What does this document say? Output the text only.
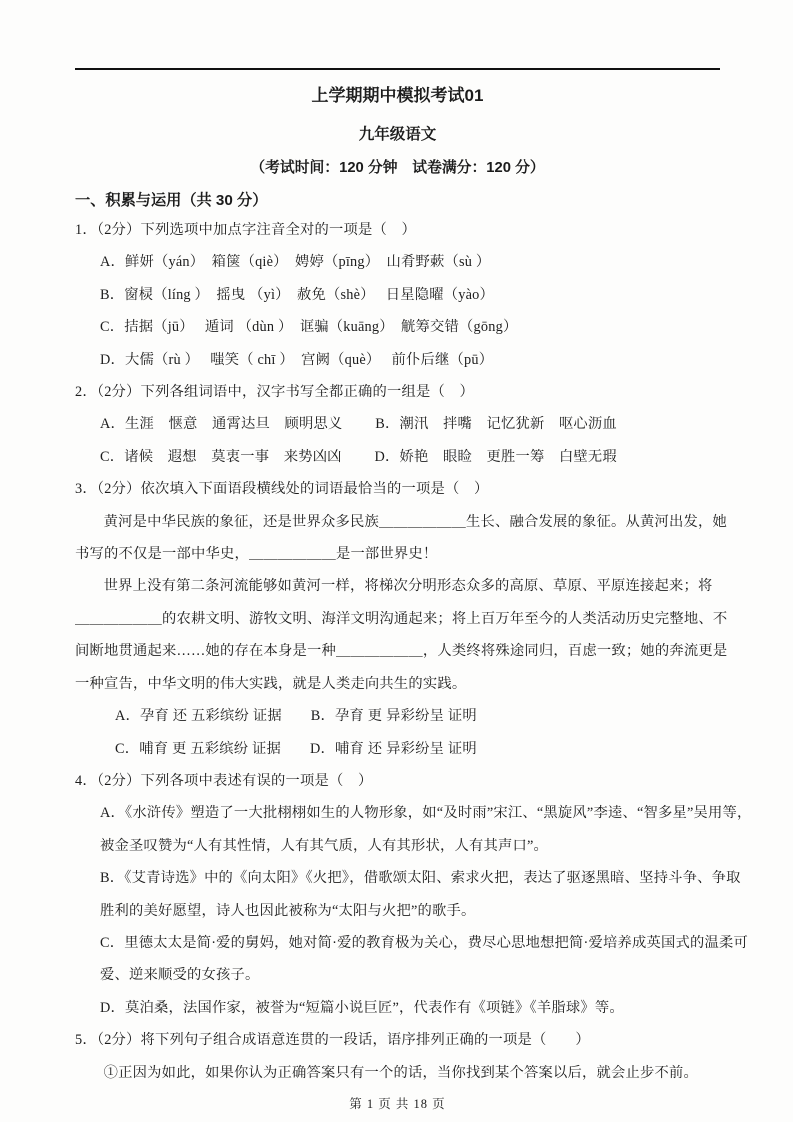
上学期期中模拟考试01
九年级语文
（考试时间：120 分钟　试卷满分：120 分）
一、积累与运用（共 30 分）
1．（2分）下列选项中加点字注音全对的一项是（　）
A．鲜妍（yán）　箱箧（qiè）　娉婷（pīng）　山肴野蔌（sù ）
B．窗棂（líng ）　摇曳 （yì）　赦免（shè）　 日星隐曜（yào）
C．拮据（jū）　 遁词 （dùn ）　诓骗（kuāng）　觥筹交错（gōng）
D．大儒（rù ）　 嗤笑（ chī ）　宫阙（què）　 前仆后继（pū）
2．（2分）下列各组词语中，汉字书写全都正确的一组是（　）
A．生涯　惬意　通霄达旦　顾明思义　　 B．潮汛　拌嘴　记忆犹新　呕心沥血
C．诸候　遐想　莫衷一事　来势凶凶　　 D．娇艳　眼睑　更胜一筹　白壁无瑕
3．（2分）依次填入下面语段横线处的词语最恰当的一项是（　）
黄河是中华民族的象征，还是世界众多民族＿＿＿＿＿＿生长、融合发展的象征。从黄河出发，她
书写的不仅是一部中华史，＿＿＿＿＿＿是一部世界史！
世界上没有第二条河流能够如黄河一样，将梯次分明形态众多的高原、草原、平原连接起来；将
＿＿＿＿＿＿的农耕文明、游牧文明、海洋文明沟通起来；将上百万年至今的人类活动历史完整地、不
间断地贯通起来……她的存在本身是一种＿＿＿＿＿＿，人类终将殊途同归，百虑一致；她的奔流更是
一种宣告，中华文明的伟大实践，就是人类走向共生的实践。
A．孕育 还 五彩缤纷 证据　　B．孕育 更 异彩纷呈 证明
C．哺育 更 五彩缤纷 证据　　D．哺育 还 异彩纷呈 证明
4．（2分）下列各项中表述有误的一项是（　）
A．《水浒传》塑造了一大批栩栩如生的人物形象，如“及时雨”宋江、“黑旋风”李逵、“智多星”吴用等，
被金圣叹赞为“人有其性情，人有其气质，人有其形状，人有其声口”。
B．《艾青诗选》中的《向太阳》《火把》，借歌颂太阳、索求火把，表达了驱逐黑暗、坚持斗争、争取
胜利的美好愿望，诗人也因此被称为“太阳与火把”的歌手。
C．里德太太是简·爱的舅妈，她对简·爱的教育极为关心，费尽心思地想把简·爱培养成英国式的温柔可
爱、逆来顺受的女孩子。
D．莫泊桑，法国作家，被誉为“短篇小说巨匠”，代表作有《项链》《羊脂球》等。
5．（2分）将下列句子组合成语意连贯的一段话，语序排列正确的一项是（　　）
①正因为如此，如果你认为正确答案只有一个的话，当你找到某个答案以后，就会止步不前。
第 1 页 共 18 页
